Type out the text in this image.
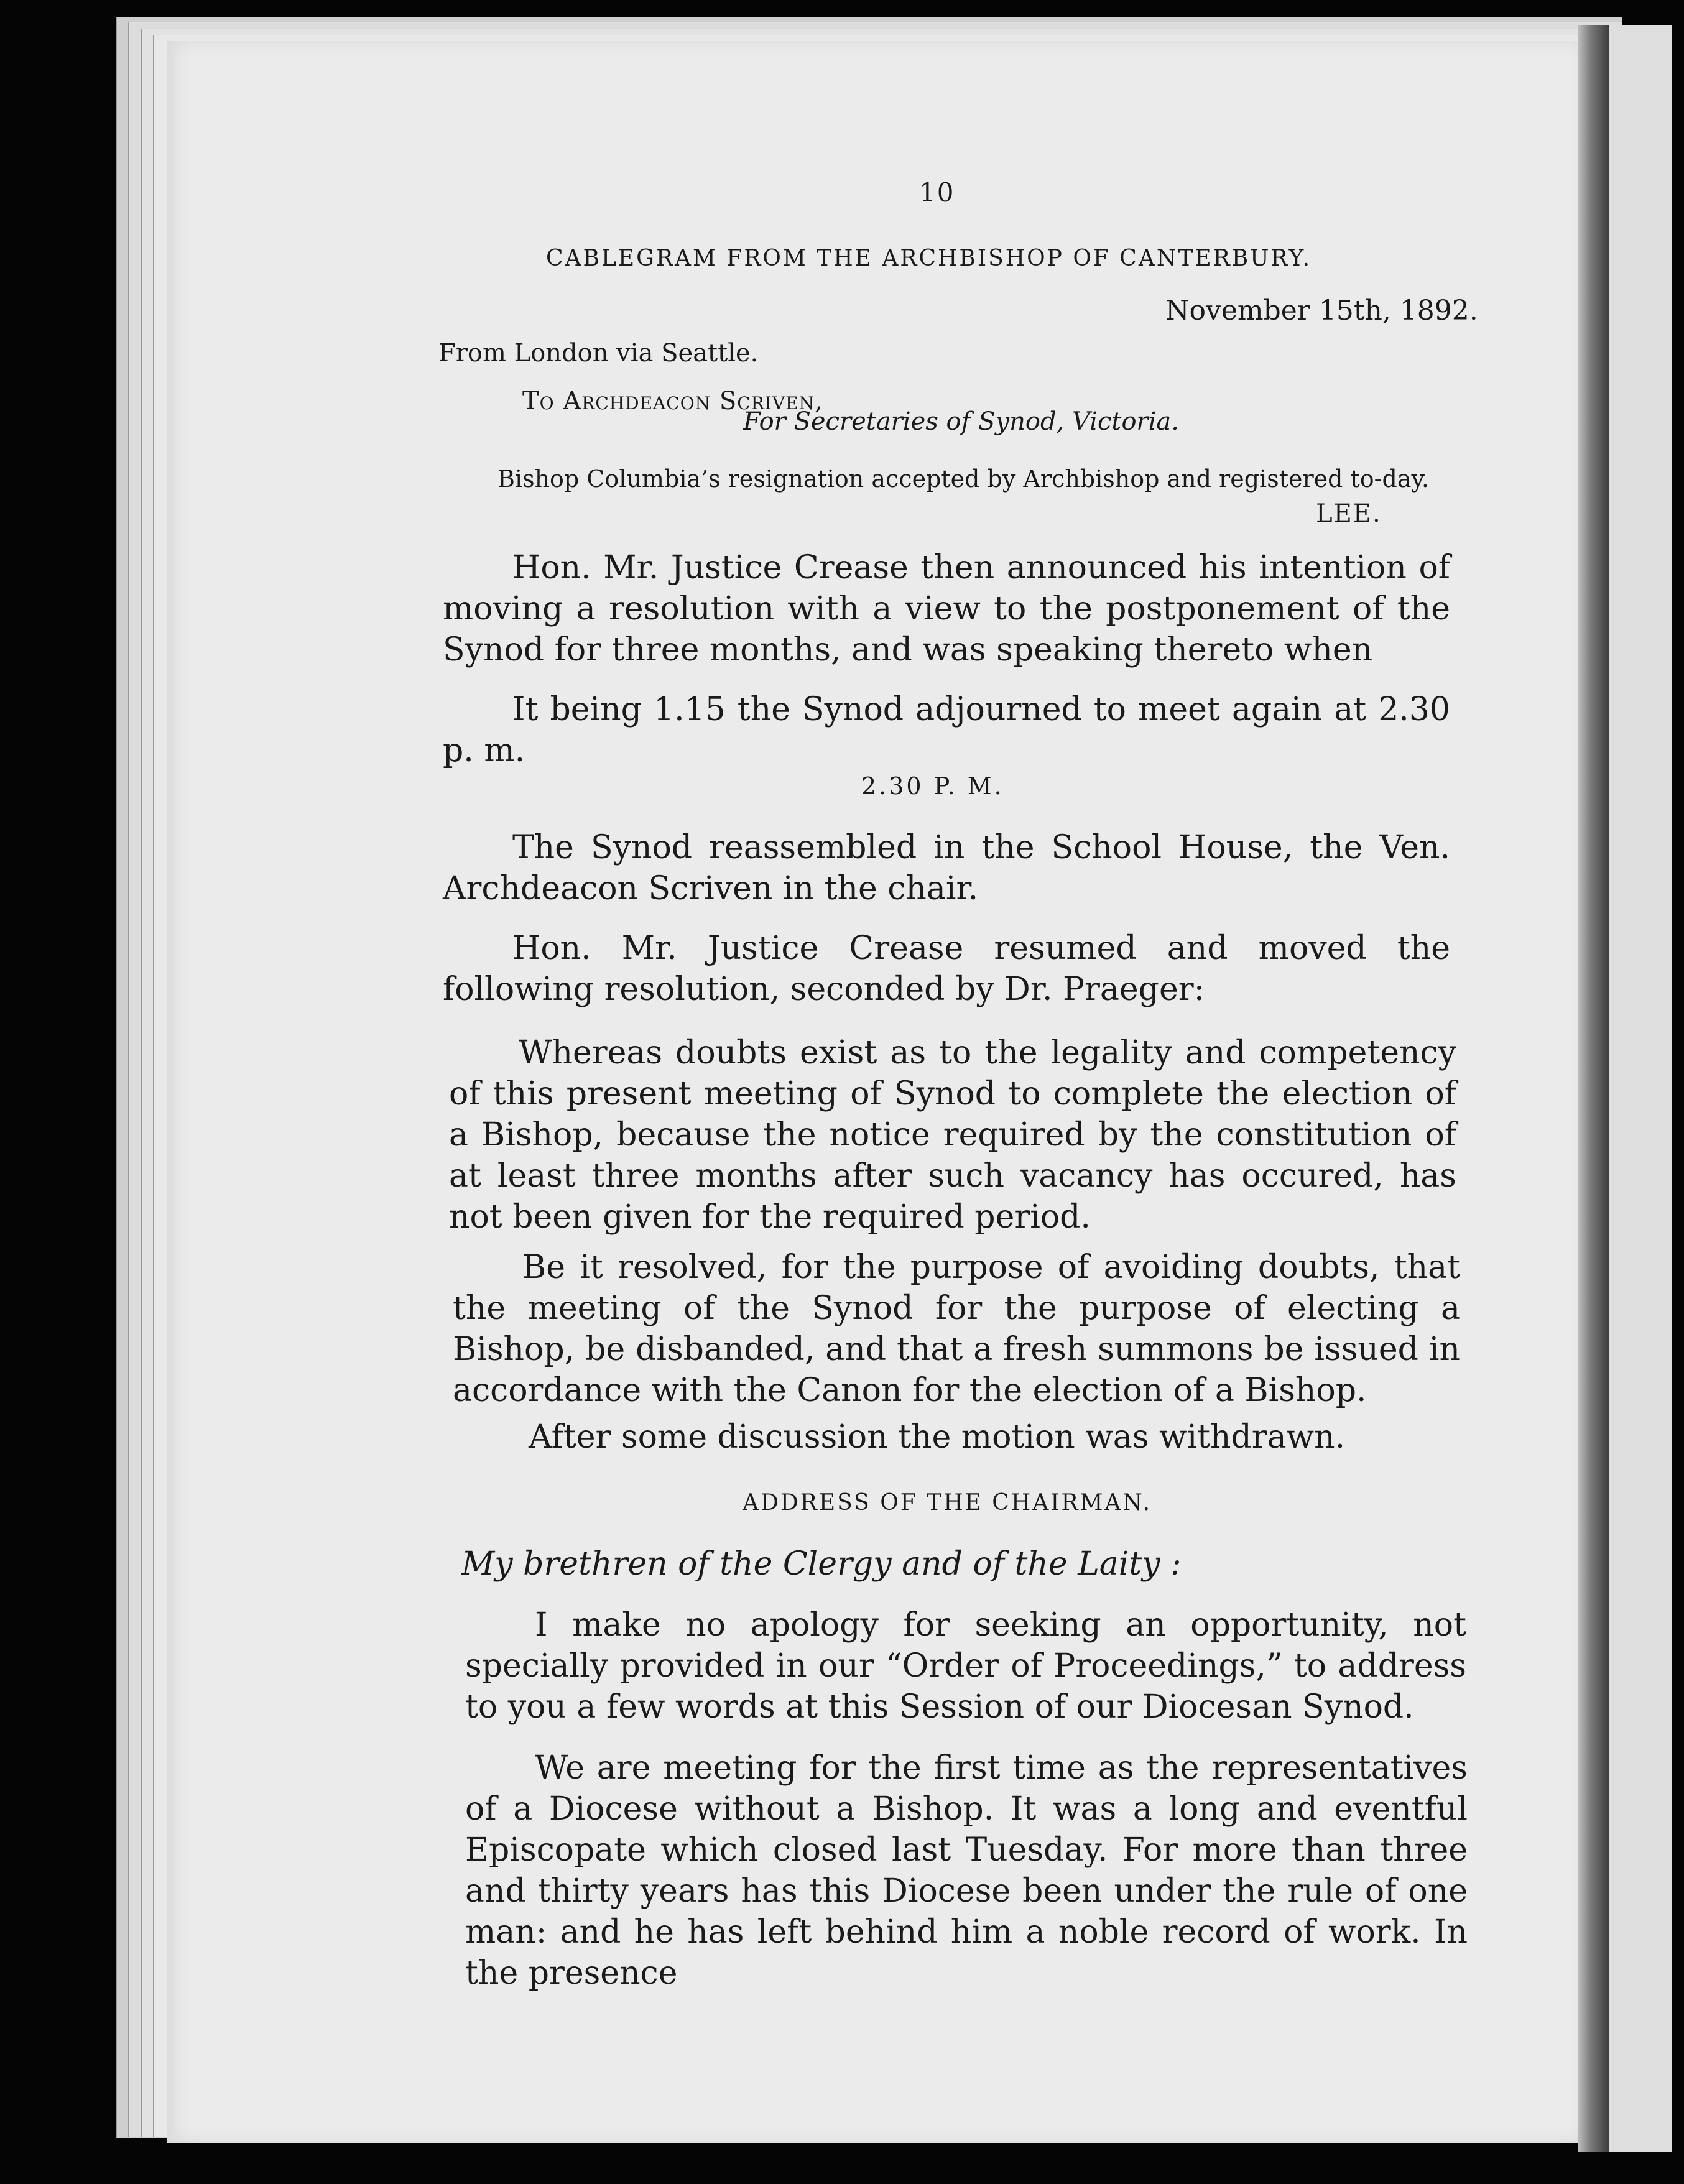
10
CABLEGRAM FROM THE ARCHBISHOP OF CANTERBURY.
November 15th, 1892.
From London via Seattle.
To Archdeacon Scriven,
For Secretaries of Synod, Victoria.
Bishop Columbia’s resignation accepted by Archbishop and registered to-day.
LEE.

Hon. Mr. Justice Crease then announced his intention of moving a resolution with a view to the postponement of the Synod for three months, and was speaking thereto when

It being 1.15 the Synod adjourned to meet again at 2.30 p. m.

2.30 P. M.

The Synod reassembled in the School House, the Ven. Archdeacon Scriven in the chair.

Hon. Mr. Justice Crease resumed and moved the following resolution, seconded by Dr. Praeger:

Whereas doubts exist as to the legality and competency of this present meeting of Synod to complete the election of a Bishop, because the notice required by the constitution of at least three months after such vacancy has occured, has not been given for the required period.

Be it resolved, for the purpose of avoiding doubts, that the meeting of the Synod for the purpose of electing a Bishop, be disbanded, and that a fresh summons be issued in accordance with the Canon for the election of a Bishop.

After some discussion the motion was withdrawn.

ADDRESS OF THE CHAIRMAN.

My brethren of the Clergy and of the Laity :

I make no apology for seeking an opportunity, not specially provided in our “Order of Proceedings,” to address to you a few words at this Session of our Diocesan Synod.

We are meeting for the first time as the representatives of a Diocese without a Bishop. It was a long and eventful Episcopate which closed last Tuesday. For more than three and thirty years has this Diocese been under the rule of one man: and he has left behind him a noble record of work. In the presence
